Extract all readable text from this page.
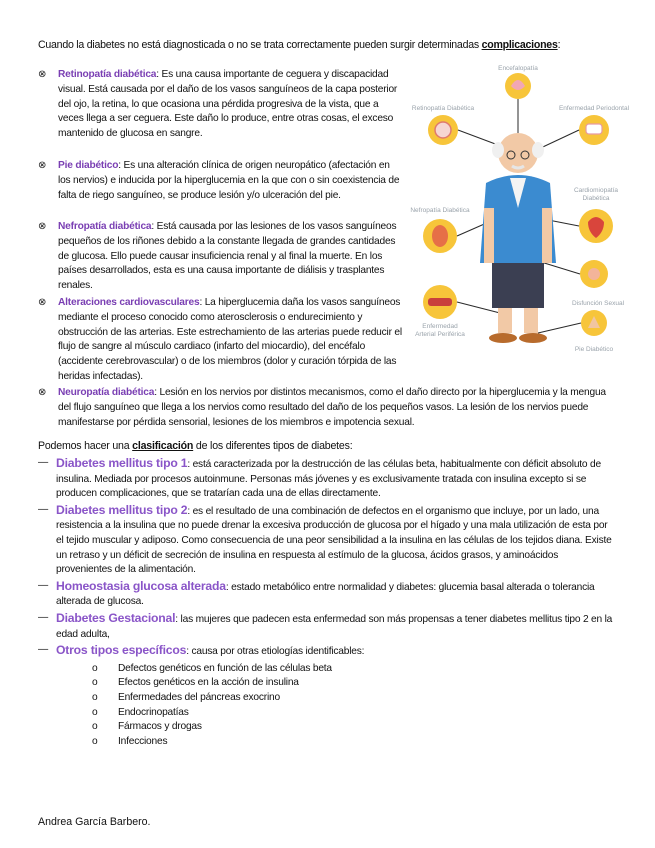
Cuando la diabetes no está diagnosticada o no se trata correctamente pueden surgir determinadas complicaciones:
⊗ Retinopatía diabética: Es una causa importante de ceguera y discapacidad visual. Está causada por el daño de los vasos sanguíneos de la capa posterior del ojo, la retina, lo que ocasiona una pérdida progresiva de la vista, que a veces llega a ser ceguera. Este daño lo produce, entre otras cosas, el exceso mantenido de glucosa en sangre.
⊗ Pie diabético: Es una alteración clínica de origen neuropático (afectación en los nervios) e inducida por la hiperglucemia en la que con o sin coexistencia de falta de riego sanguíneo, se produce lesión y/o ulceración del pie.
⊗ Nefropatía diabética: Está causada por las lesiones de los vasos sanguíneos pequeños de los riñones debido a la constante llegada de grandes cantidades de glucosa. Ello puede causar insuficiencia renal y al final la muerte. En los países desarrollados, esta es una causa importante de diálisis y trasplantes renales.
⊗ Alteraciones cardiovasculares: La hiperglucemia daña los vasos sanguíneos mediante el proceso conocido como aterosclerosis o endurecimiento y obstrucción de las arterias. Este estrechamiento de las arterias puede reducir el flujo de sangre al músculo cardiaco (infarto del miocardio), del encéfalo (accidente cerebrovascular) o de los miembros (dolor y curación tórpida de las heridas infectadas).
⊗ Neuropatía diabética: Lesión en los nervios por distintos mecanismos, como el daño directo por la hiperglucemia y la mengua del flujo sanguíneo que llega a los nervios como resultado del daño de los pequeños vasos. La lesión de los nervios puede manifestarse por pérdida sensorial, lesiones de los miembros e impotencia sexual.
Encefalopatía
Retinopatía Diabética	Enfermedad Periodontal
Cardiomiopatía
Diabética
Nefropatía Diabética
Disfunción Sexual
Enfermedad
Arterial Periférica
Pie Diabético
Podemos hacer una clasificación de los diferentes tipos de diabetes:
— Diabetes mellitus tipo 1: está caracterizada por la destrucción de las células beta, habitualmente con déficit absoluto de insulina. Mediada por procesos autoinmune. Personas más jóvenes y es exclusivamente tratada con insulina excepto si se producen complicaciones, que se tratarían cada una de ellas directamente.
— Diabetes mellitus tipo 2: es el resultado de una combinación de defectos en el organismo que incluye, por un lado, una resistencia a la insulina que no puede drenar la excesiva producción de glucosa por el hígado y una mala utilización de esta por el tejido muscular y adiposo. Como consecuencia de una peor sensibilidad a la insulina en las células de los tejidos diana. Existe un retraso y un déficit de secreción de insulina en respuesta al estímulo de la glucosa, ácidos grasos, y aminoácidos provenientes de la alimentación.
— Homeostasia glucosa alterada: estado metabólico entre normalidad y diabetes: glucemia basal alterada o tolerancia alterada de glucosa.
— Diabetes Gestacional: las mujeres que padecen esta enfermedad son más propensas a tener diabetes mellitus tipo 2 en la edad adulta,
— Otros tipos específicos: causa por otras etiologías identificables:
o Defectos genéticos en función de las células beta
o Efectos genéticos en la acción de insulina
o Enfermedades del páncreas exocrino
o Endocrinopatías
o Fármacos y drogas
o Infecciones
Andrea García Barbero.
